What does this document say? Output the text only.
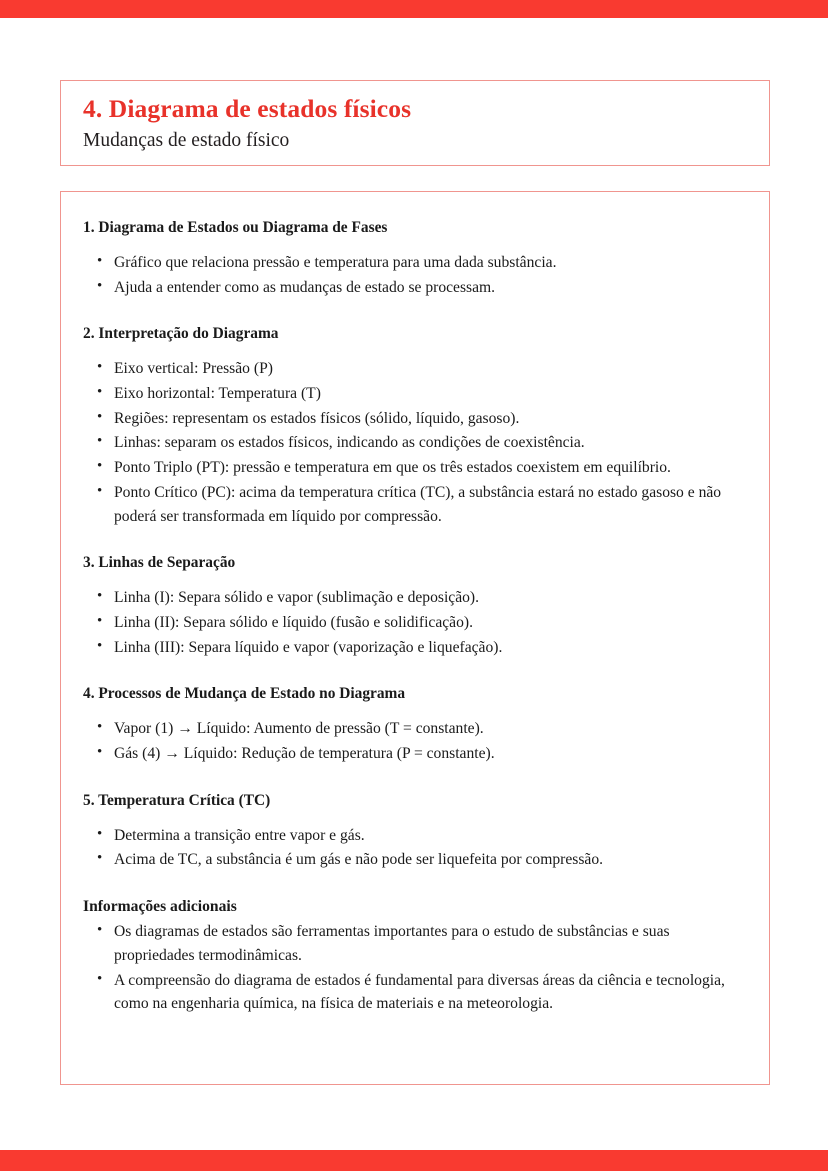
4. Diagrama de estados físicos
Mudanças de estado físico

1. Diagrama de Estados ou Diagrama de Fases

• Gráfico que relaciona pressão e temperatura para uma dada substância.
• Ajuda a entender como as mudanças de estado se processam.

2. Interpretação do Diagrama

• Eixo vertical: Pressão (P)
• Eixo horizontal: Temperatura (T)
• Regiões: representam os estados físicos (sólido, líquido, gasoso).
• Linhas: separam os estados físicos, indicando as condições de coexistência.
• Ponto Triplo (PT): pressão e temperatura em que os três estados coexistem em equilíbrio.
• Ponto Crítico (PC): acima da temperatura crítica (TC), a substância estará no estado gasoso e não poderá ser transformada em líquido por compressão.

3. Linhas de Separação

• Linha (I): Separa sólido e vapor (sublimação e deposição).
• Linha (II): Separa sólido e líquido (fusão e solidificação).
• Linha (III): Separa líquido e vapor (vaporização e liquefação).

4. Processos de Mudança de Estado no Diagrama

• Vapor (1) → Líquido: Aumento de pressão (T = constante).
• Gás (4) → Líquido: Redução de temperatura (P = constante).

5. Temperatura Crítica (TC)

• Determina a transição entre vapor e gás.
• Acima de TC, a substância é um gás e não pode ser liquefeita por compressão.

Informações adicionais

• Os diagramas de estados são ferramentas importantes para o estudo de substâncias e suas propriedades termodinâmicas.
• A compreensão do diagrama de estados é fundamental para diversas áreas da ciência e tecnologia, como na engenharia química, na física de materiais e na meteorologia.
